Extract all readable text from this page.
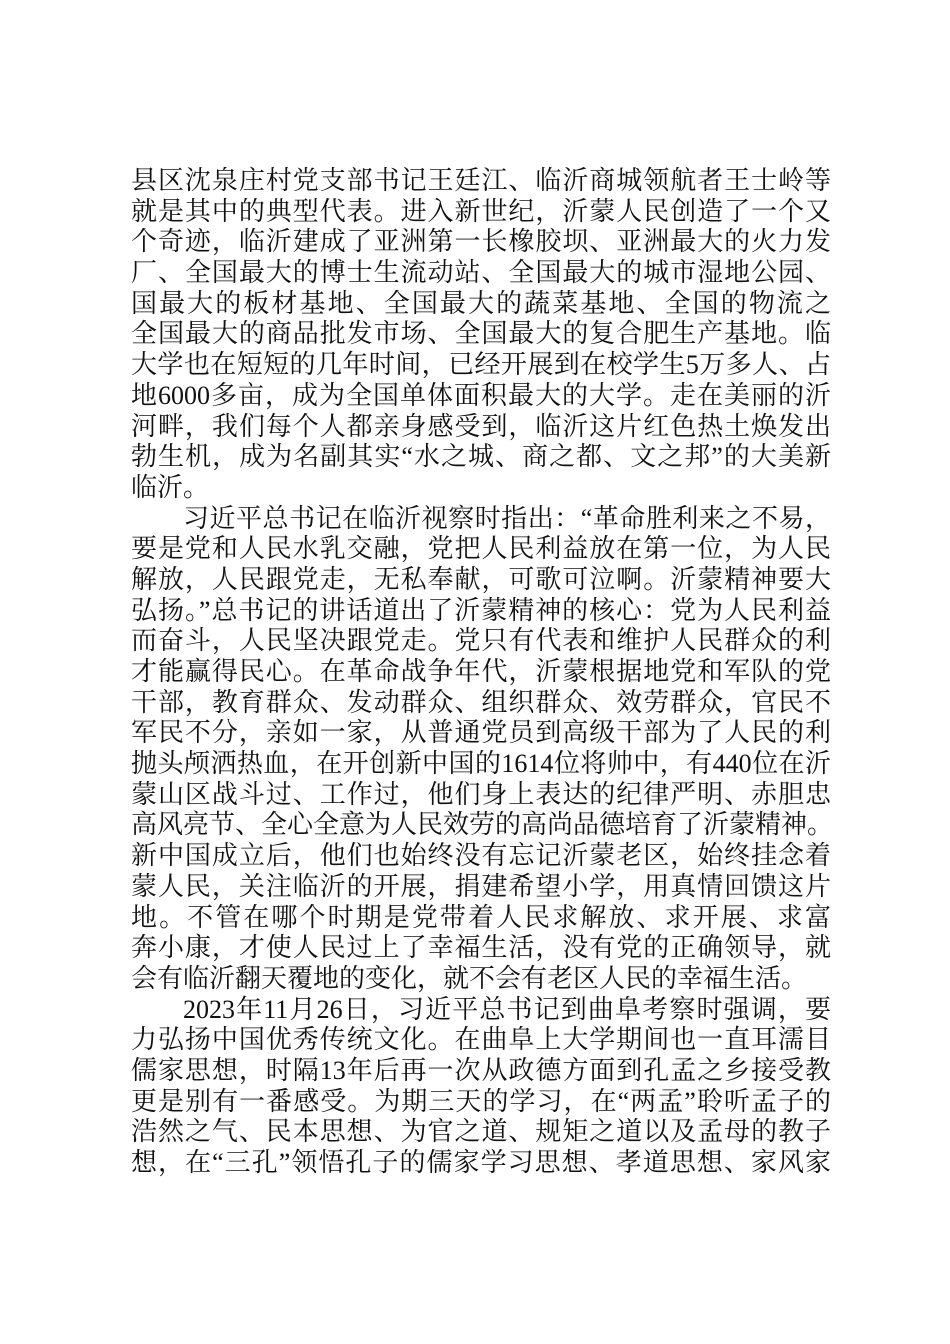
县区沈泉庄村党支部书记王廷江、临沂商城领航者王士岭等
就是其中的典型代表。进入新世纪，沂蒙人民创造了一个又
个奇迹，临沂建成了亚洲第一长橡胶坝、亚洲最大的火力发
厂、全国最大的博士生流动站、全国最大的城市湿地公园、
国最大的板材基地、全国最大的蔬菜基地、全国的物流之
全国最大的商品批发市场、全国最大的复合肥生产基地。临
大学也在短短的几年时间，已经开展到在校学生5万多人、占
地6000多亩，成为全国单体面积最大的大学。走在美丽的沂
河畔，我们每个人都亲身感受到，临沂这片红色热土焕发出
勃生机，成为名副其实“水之城、商之都、文之邦”的大美新
临沂。
习近平总书记在临沂视察时指出：“革命胜利来之不易，
要是党和人民水乳交融，党把人民利益放在第一位，为人民
解放，人民跟党走，无私奉献，可歌可泣啊。沂蒙精神要大
弘扬。”总书记的讲话道出了沂蒙精神的核心：党为人民利益
而奋斗，人民坚决跟党走。党只有代表和维护人民群众的利
才能赢得民心。在革命战争年代，沂蒙根据地党和军队的党
干部，教育群众、发动群众、组织群众、效劳群众，官民不
军民不分，亲如一家，从普通党员到高级干部为了人民的利
抛头颅洒热血，在开创新中国的1614位将帅中，有440位在沂
蒙山区战斗过、工作过，他们身上表达的纪律严明、赤胆忠
高风亮节、全心全意为人民效劳的高尚品德培育了沂蒙精神。
新中国成立后，他们也始终没有忘记沂蒙老区，始终挂念着
蒙人民，关注临沂的开展，捐建希望小学，用真情回馈这片
地。不管在哪个时期是党带着人民求解放、求开展、求富
奔小康，才使人民过上了幸福生活，没有党的正确领导，就
会有临沂翻天覆地的变化，就不会有老区人民的幸福生活。
2023年11月26日，习近平总书记到曲阜考察时强调，要
力弘扬中国优秀传统文化。在曲阜上大学期间也一直耳濡目
儒家思想，时隔13年后再一次从政德方面到孔孟之乡接受教
更是别有一番感受。为期三天的学习，在“两孟”聆听孟子的
浩然之气、民本思想、为官之道、规矩之道以及孟母的教子
想，在“三孔”领悟孔子的儒家学习思想、孝道思想、家风家
